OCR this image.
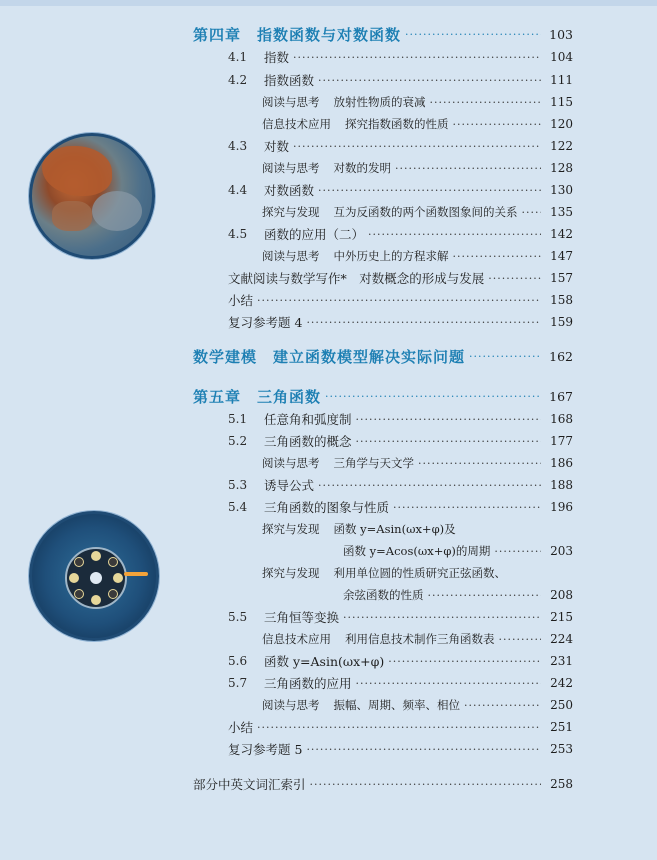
第四章　指数函数与对数函数 ·····	103
4.1	指数 ·····	104
4.2	指数函数 ·····	111
阅读与思考 放射性物质的衰减 ·····	115
信息技术应用 探究指数函数的性质 ·····	120
4.3	对数 ·····	122
阅读与思考 对数的发明 ·····	128
4.4	对数函数 ·····	130
探究与发现 互为反函数的两个函数图象间的关系 ·····	135
4.5	函数的应用（二） ·····	142
阅读与思考 中外历史上的方程求解 ·····	147
文献阅读与数学写作*　对数概念的形成与发展 ·····	157
小结 ·····	158
复习参考题 4 ·····	159
数学建模　建立函数模型解决实际问题 ·····	162
第五章　三角函数 ·····	167
5.1	任意角和弧度制 ·····	168
5.2	三角函数的概念 ·····	177
阅读与思考 三角学与天文学 ·····	186
5.3	诱导公式 ·····	188
5.4	三角函数的图象与性质 ·····	196
探究与发现 函数 y=Asin(ωx+φ)及
函数 y=Acos(ωx+φ)的周期 ·····	203
探究与发现 利用单位圆的性质研究正弦函数、
余弦函数的性质 ·····	208
5.5	三角恒等变换 ·····	215
信息技术应用 利用信息技术制作三角函数表 ·····	224
5.6	函数 y=Asin(ωx+φ) ·····	231
5.7	三角函数的应用 ·····	242
阅读与思考 振幅、周期、频率、相位 ·····	250
小结 ·····	251
复习参考题 5 ·····	253
部分中英文词汇索引 ·····	258
